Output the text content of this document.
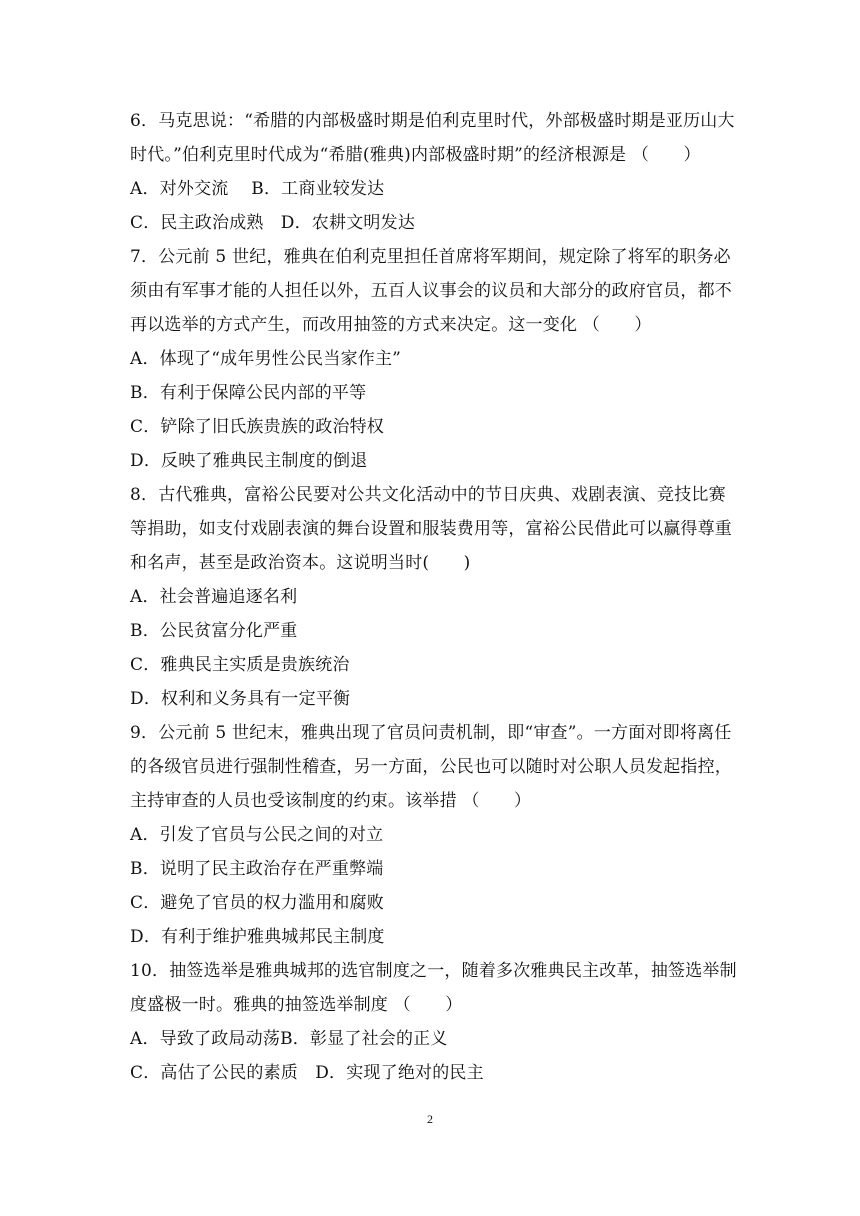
6．马克思说：“希腊的内部极盛时期是伯利克里时代，外部极盛时期是亚历山大
时代。”伯利克里时代成为“希腊(雅典)内部极盛时期”的经济根源是 （　　）
A．对外交流　 B．工商业较发达
C．民主政治成熟　D．农耕文明发达
7．公元前 5 世纪，雅典在伯利克里担任首席将军期间，规定除了将军的职务必
须由有军事才能的人担任以外，五百人议事会的议员和大部分的政府官员，都不
再以选举的方式产生，而改用抽签的方式来决定。这一变化 （　　）
A．体现了“成年男性公民当家作主”
B．有利于保障公民内部的平等
C．铲除了旧氏族贵族的政治特权
D．反映了雅典民主制度的倒退
8．古代雅典，富裕公民要对公共文化活动中的节日庆典、戏剧表演、竞技比赛
等捐助，如支付戏剧表演的舞台设置和服装费用等，富裕公民借此可以赢得尊重
和名声，甚至是政治资本。这说明当时(　　)
A．社会普遍追逐名利
B．公民贫富分化严重
C．雅典民主实质是贵族统治
D．权利和义务具有一定平衡
9．公元前 5 世纪末，雅典出现了官员问责机制，即“审查”。一方面对即将离任
的各级官员进行强制性稽查，另一方面，公民也可以随时对公职人员发起指控，
主持审查的人员也受该制度的约束。该举措 （　　）
A．引发了官员与公民之间的对立
B．说明了民主政治存在严重弊端
C．避免了官员的权力滥用和腐败
D．有利于维护雅典城邦民主制度
10．抽签选举是雅典城邦的选官制度之一，随着多次雅典民主改革，抽签选举制
度盛极一时。雅典的抽签选举制度 （　　）
A．导致了政局动荡B．彰显了社会的正义
C．高估了公民的素质　D．实现了绝对的民主
2
